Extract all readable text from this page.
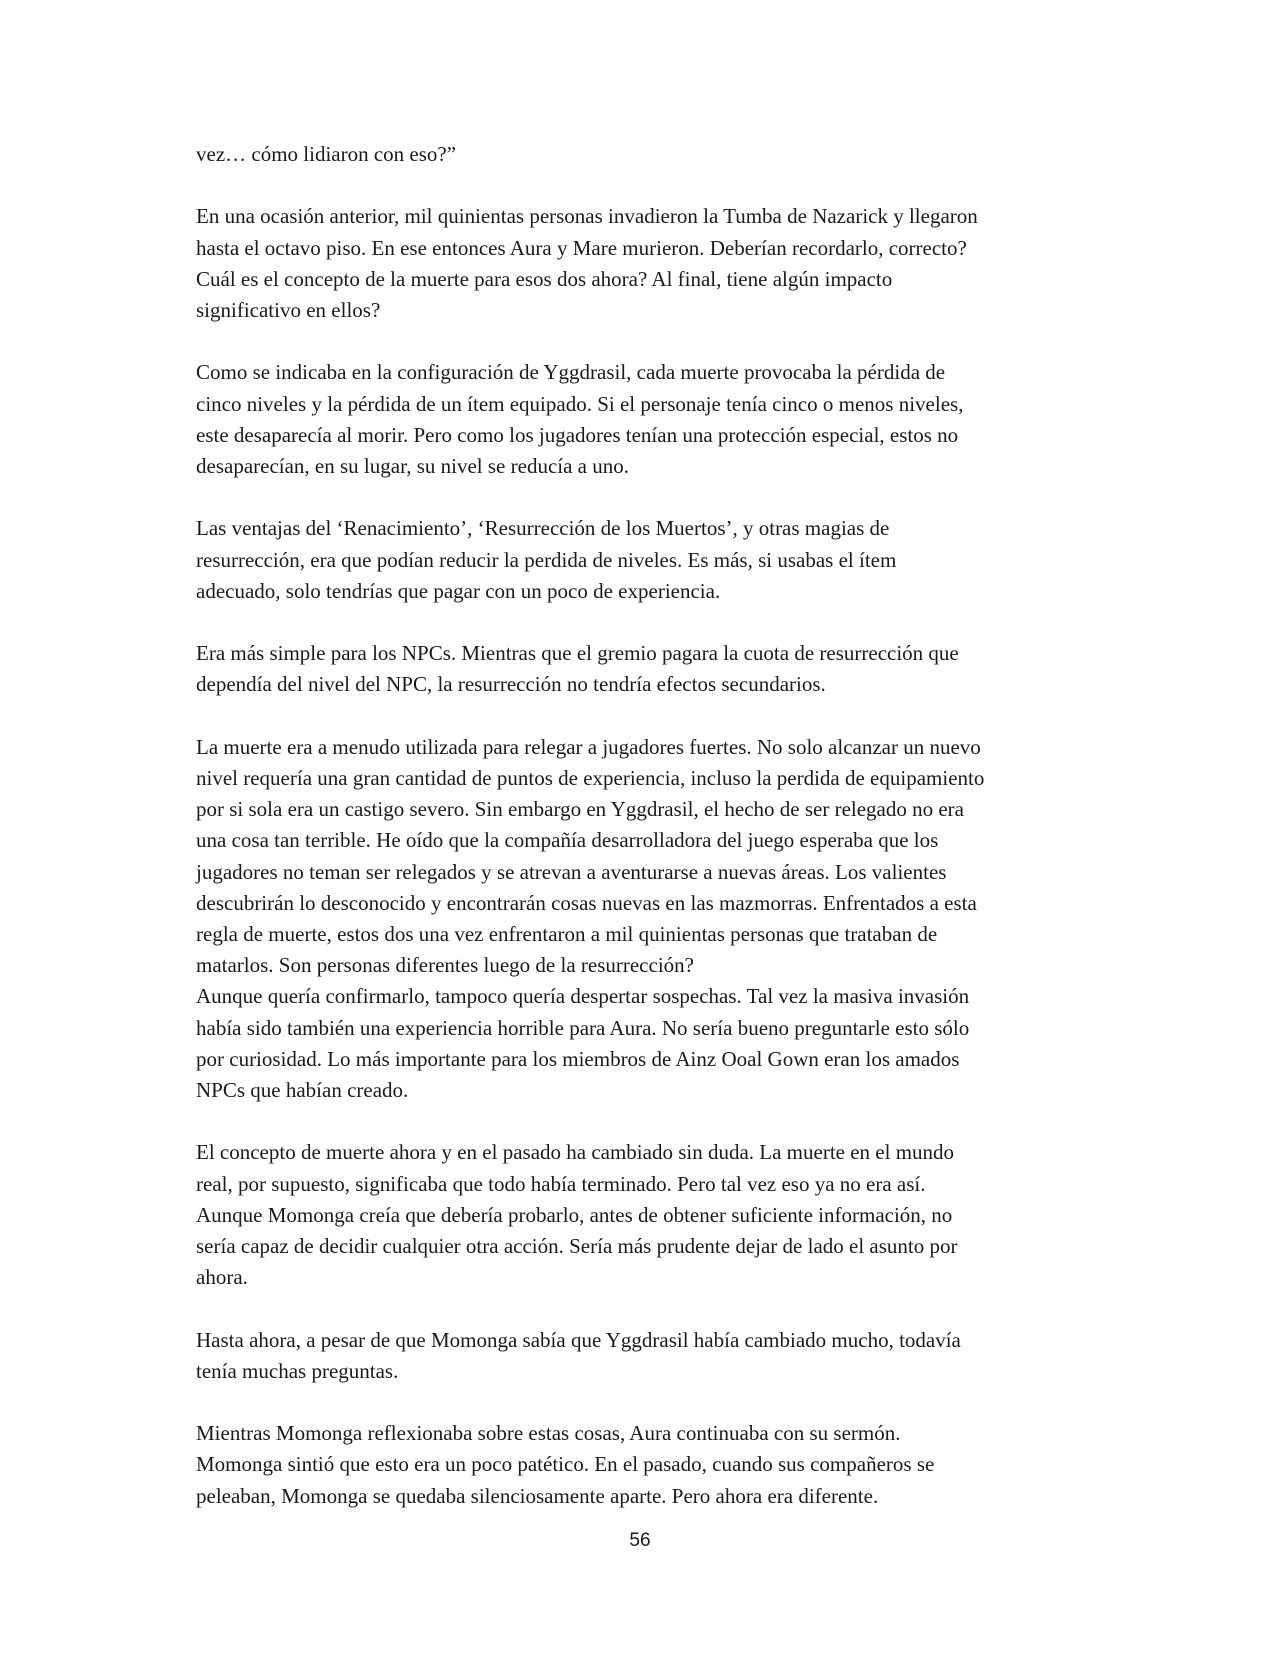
vez… cómo lidiaron con eso?”

En una ocasión anterior, mil quinientas personas invadieron la Tumba de Nazarick y llegaron
hasta el octavo piso. En ese entonces Aura y Mare murieron. Deberían recordarlo, correcto?
Cuál es el concepto de la muerte para esos dos ahora? Al final, tiene algún impacto
significativo en ellos?

Como se indicaba en la configuración de Yggdrasil, cada muerte provocaba la pérdida de
cinco niveles y la pérdida de un ítem equipado. Si el personaje tenía cinco o menos niveles,
este desaparecía al morir. Pero como los jugadores tenían una protección especial, estos no
desaparecían, en su lugar, su nivel se reducía a uno.

Las ventajas del ‘Renacimiento’, ‘Resurrección de los Muertos’, y otras magias de
resurrección, era que podían reducir la perdida de niveles. Es más, si usabas el ítem
adecuado, solo tendrías que pagar con un poco de experiencia.

Era más simple para los NPCs. Mientras que el gremio pagara la cuota de resurrección que
dependía del nivel del NPC, la resurrección no tendría efectos secundarios.

La muerte era a menudo utilizada para relegar a jugadores fuertes. No solo alcanzar un nuevo
nivel requería una gran cantidad de puntos de experiencia, incluso la perdida de equipamiento
por si sola era un castigo severo. Sin embargo en Yggdrasil, el hecho de ser relegado no era
una cosa tan terrible. He oído que la compañía desarrolladora del juego esperaba que los
jugadores no teman ser relegados y se atrevan a aventurarse a nuevas áreas. Los valientes
descubrirán lo desconocido y encontrarán cosas nuevas en las mazmorras. Enfrentados a esta
regla de muerte, estos dos una vez enfrentaron a mil quinientas personas que trataban de
matarlos. Son personas diferentes luego de la resurrección?

Aunque quería confirmarlo, tampoco quería despertar sospechas. Tal vez la masiva invasión
había sido también una experiencia horrible para Aura. No sería bueno preguntarle esto sólo
por curiosidad. Lo más importante para los miembros de Ainz Ooal Gown eran los amados
NPCs que habían creado.

El concepto de muerte ahora y en el pasado ha cambiado sin duda. La muerte en el mundo
real, por supuesto, significaba que todo había terminado. Pero tal vez eso ya no era así.
Aunque Momonga creía que debería probarlo, antes de obtener suficiente información, no
sería capaz de decidir cualquier otra acción. Sería más prudente dejar de lado el asunto por
ahora.

Hasta ahora, a pesar de que Momonga sabía que Yggdrasil había cambiado mucho, todavía
tenía muchas preguntas.

Mientras Momonga reflexionaba sobre estas cosas, Aura continuaba con su sermón.
Momonga sintió que esto era un poco patético. En el pasado, cuando sus compañeros se
peleaban, Momonga se quedaba silenciosamente aparte. Pero ahora era diferente.

56
